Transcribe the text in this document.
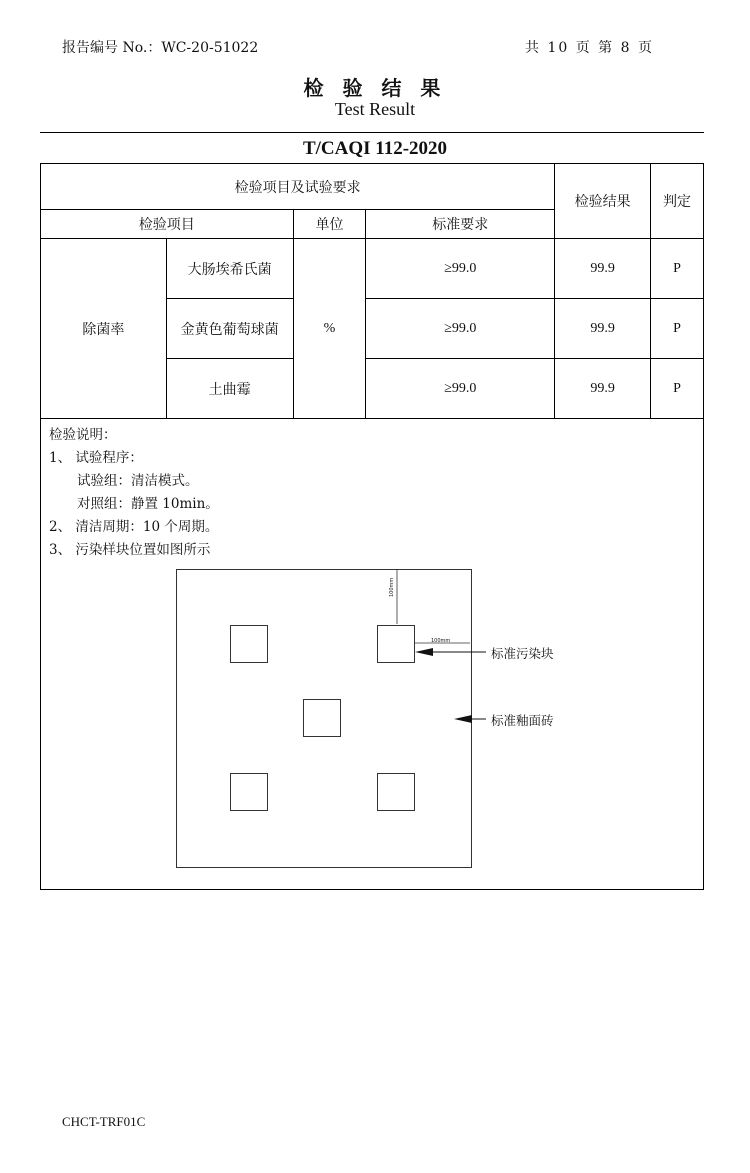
报告编号 No.：WC-20-51022	共 10 页 第 8 页
检 验 结 果
Test Result
T/CAQI 112-2020
检验项目及试验要求				检验结果	判定
检验项目		单位	标准要求		
除菌率	大肠埃希氏菌	%	≥99.0	99.9	P
	金黄色葡萄球菌		≥99.0	99.9	P
	土曲霉		≥99.0	99.9	P
检验说明：
1、 试验程序：
试验组：清洁模式。
对照组：静置 10min。
2、 清洁周期：10 个周期。
3、 污染样块位置如图所示
100mm
100mm
标准污染块
标准釉面砖
CHCT-TRF01C
